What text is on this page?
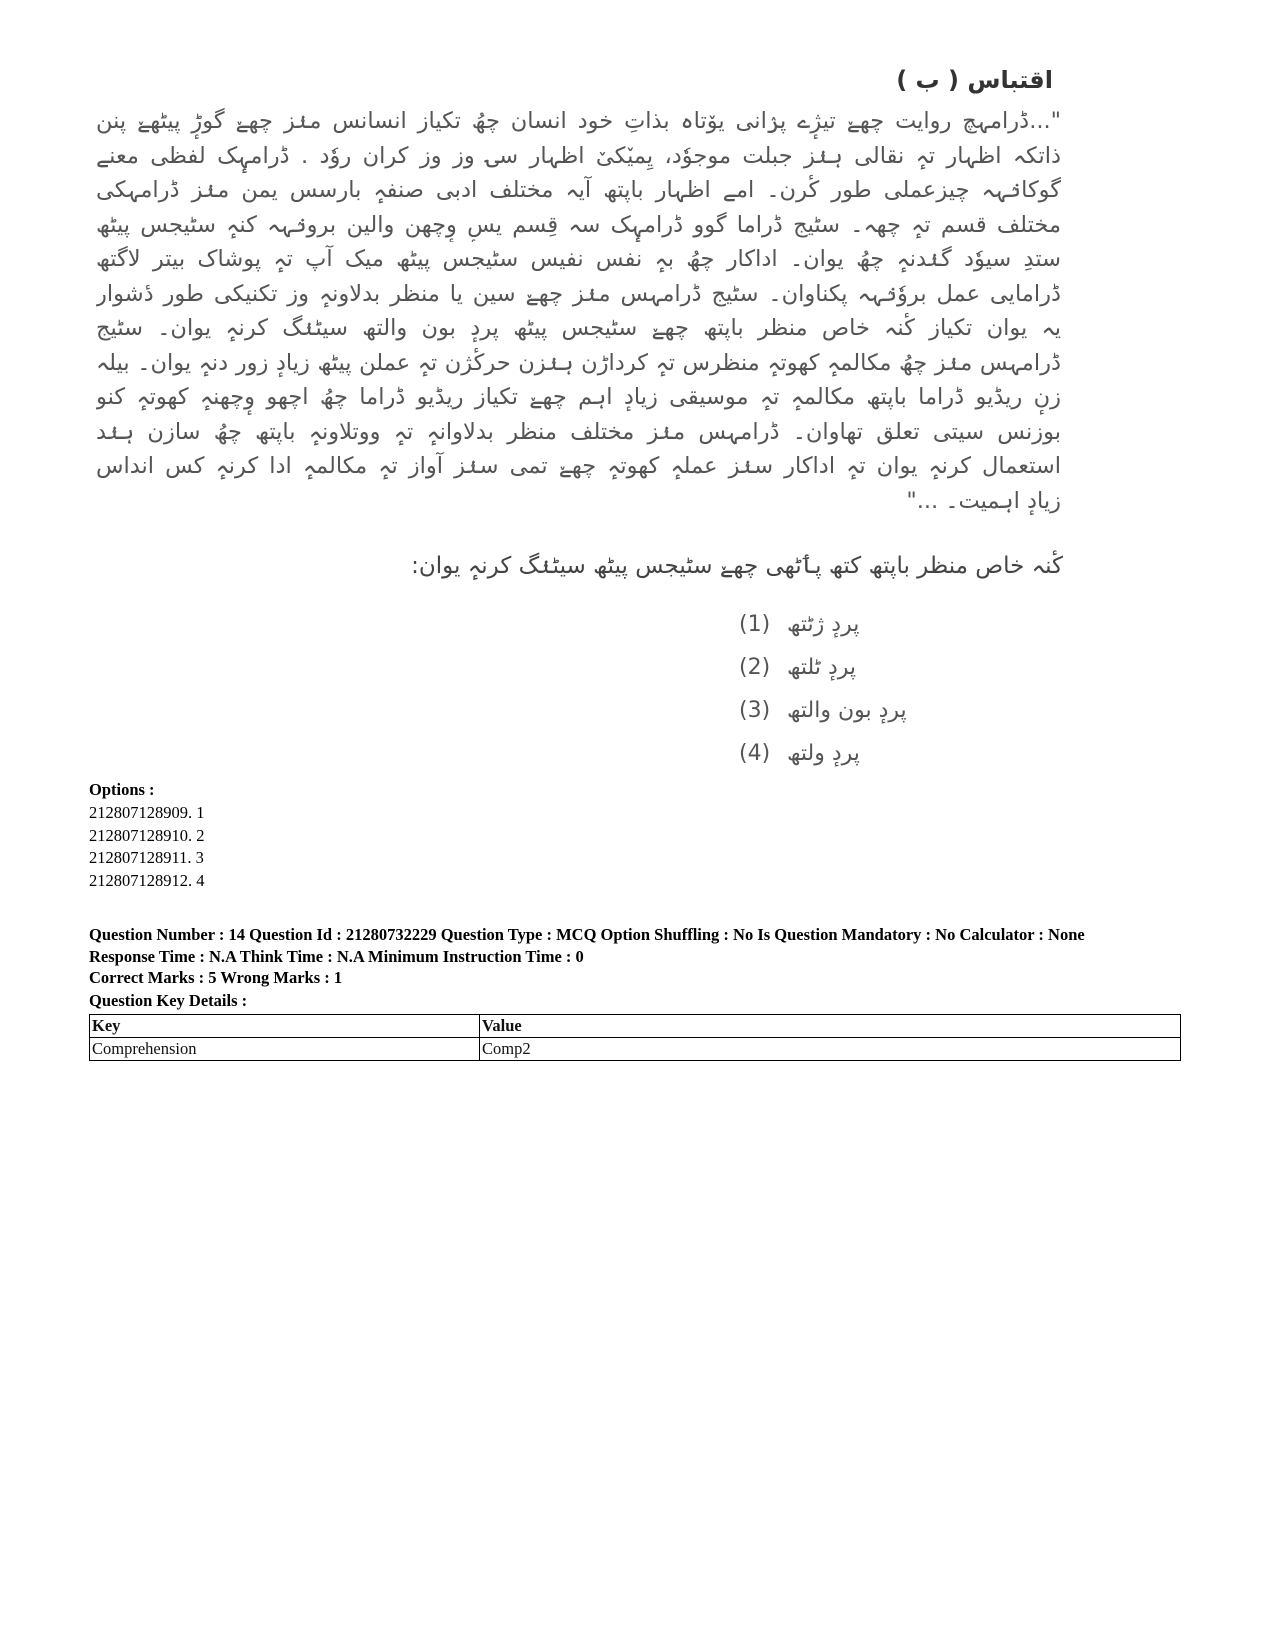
اقتباس ( ب )
"...ڈرامہچ روایت چھےٚ تیژٕے پرٛانی یوٚتاہ بذاتِ خود انسان چھُ تکیاز انسانس منٛز چھےٚ گوڑٕ پیٹھےٚ پنن
ذاتکہ اظہار تہٕ نقالی ہنٛز جبلت موجوٗد، یِمیٚکیٚ اظہار سۍ وز وز کران روٗد . ڈرامہٕک لفظی معنے
گوکانٛہہ چیزعملی طور کٔرن۔ امے اظہار باپتھ آیہ مختلف ادبی صنفہٕ بارسس یمن منٛز ڈرامہکی
مختلف قسم تہٕ چھہ۔ سٹیج ڈراما گوو ڈرامہٕک سہ قِسم یسٕ وٕچھن والین برونٛہہ کنہٕ سٹیجس پیٹھ
ستدِ سیوٗد گنٛدنہٕ چھُ یوان۔ اداکار چھُ بہٕ نفس نفیس سٹیجس پیٹھ میک آپ تہٕ پوشاک بیتر لاگتھ
ڈرامایی عمل بروٗنٛہہ پکناوان۔ سٹیج ڈرامہس منٛز چھےٚ سین یا منظر بدلاونہٕ وز تکنیکی طور دٔشوار
یہ یوان تکیاز کٔنہ خاص منظر باپتھ چھےٚ سٹیجس پیٹھ پردٕ بون والتھ سیٹنٛگ کرنہٕ یوان۔ سٹیج
ڈرامہس منٛز چھُ مکالمہٕ کھوتہٕ منظرس تہٕ کرداڑن ہنٛزن حرکٔژن تہٕ عملن پیٹھ زیادٕ زور دنہٕ یوان۔ بیلہ
زنٕ ریڈیو ڈراما باپتھ مکالمہٕ تہٕ موسیقی زیادٕ اہم چھےٚ تکیاز ریڈیو ڈراما چھُ اچھو وٕچھنہٕ کھوتہٕ کنو
بوزنس سیتی تعلق تھاوان۔ ڈرامہس منٛز مختلف منظر بدلاوانہٕ تہٕ ووتلاونہٕ باپتھ چھُ سازن ہنٛد
استعمال کرنہٕ یوان تہٕ اداکار سنٛز عملہٕ کھوتہٕ چھےٚ تمی سنٛز آواز تہٕ مکالمہٕ ادا کرنہٕ کس انداس
زیادٕ اہمیت۔ ..."
کٔنہ خاص منظر باپتھ کتھ پٲٹھی چھےٚ سٹیجس پیٹھ سیٹنٛگ کرنہٕ یوان:
(1) پردٕ ژٹتھ
(2) پردٕ ٹلتھ
(3) پردٕ بون والتھ
(4) پردٕ ولتھ
Options :
212807128909. 1
212807128910. 2
212807128911. 3
212807128912. 4
Question Number : 14 Question Id : 21280732229 Question Type : MCQ Option Shuffling : No Is Question Mandatory : No Calculator : None
Response Time : N.A Think Time : N.A Minimum Instruction Time : 0
Correct Marks : 5 Wrong Marks : 1
Question Key Details :
Key	Value
Comprehension	Comp2
